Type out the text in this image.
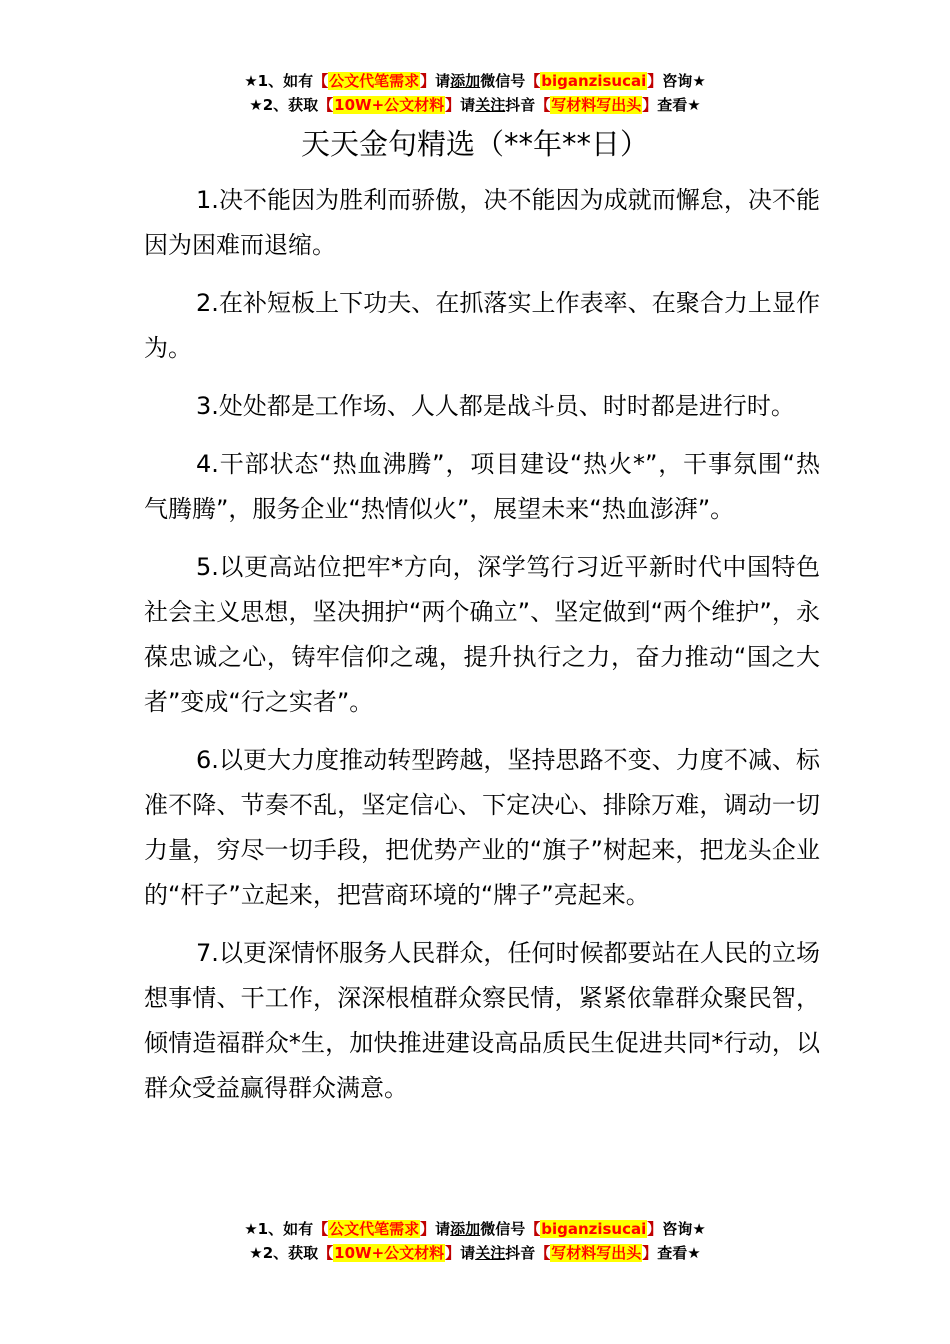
★1、如有【公文代笔需求】请添加微信号【biganzisucai】咨询★
★2、获取【10W+公文材料】请关注抖音【写材料写出头】查看★
天天金句精选（**年**日）

1.决不能因为胜利而骄傲，决不能因为成就而懈怠，决不能因为困难而退缩。

2.在补短板上下功夫、在抓落实上作表率、在聚合力上显作为。

3.处处都是工作场、人人都是战斗员、时时都是进行时。

4.干部状态“热血沸腾”，项目建设“热火*”，干事氛围“热气腾腾”，服务企业“热情似火”，展望未来“热血澎湃”。

5.以更高站位把牢*方向，深学笃行习近平新时代中国特色社会主义思想，坚决拥护“两个确立”、坚定做到“两个维护”，永葆忠诚之心，铸牢信仰之魂，提升执行之力，奋力推动“国之大者”变成“行之实者”。

6.以更大力度推动转型跨越，坚持思路不变、力度不减、标准不降、节奏不乱，坚定信心、下定决心、排除万难，调动一切力量，穷尽一切手段，把优势产业的“旗子”树起来，把龙头企业的“杆子”立起来，把营商环境的“牌子”亮起来。

7.以更深情怀服务人民群众，任何时候都要站在人民的立场想事情、干工作，深深根植群众察民情，紧紧依靠群众聚民智，倾情造福群众*生，加快推进建设高品质民生促进共同*行动，以群众受益赢得群众满意。

★1、如有【公文代笔需求】请添加微信号【biganzisucai】咨询★
★2、获取【10W+公文材料】请关注抖音【写材料写出头】查看★
